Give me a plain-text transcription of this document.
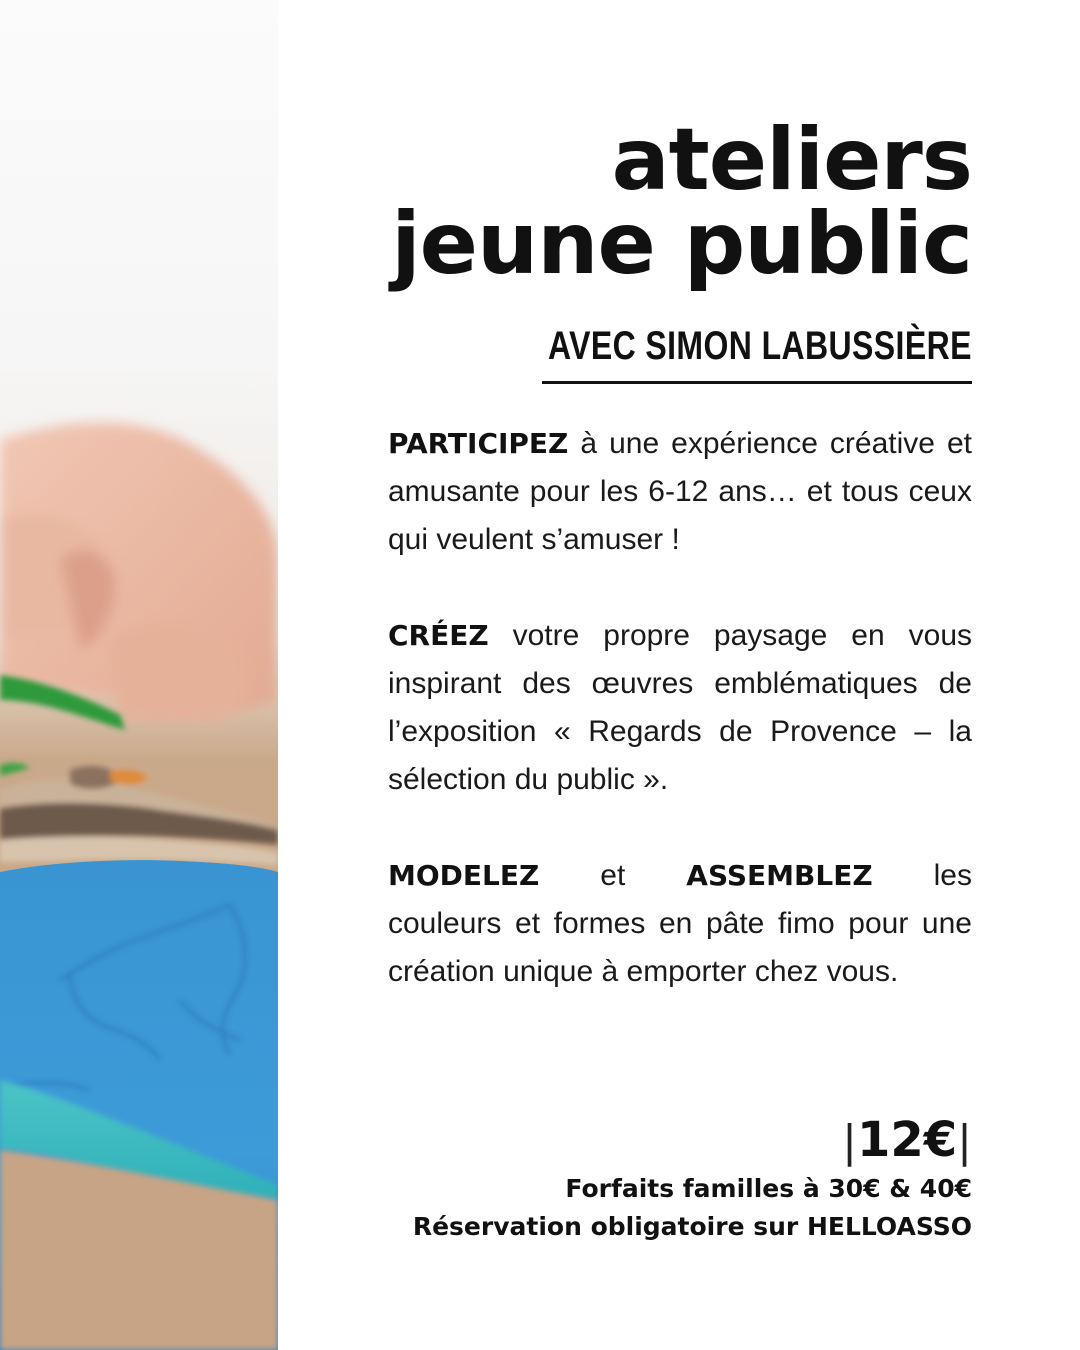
ateliers
jeune public

AVEC SIMON LABUSSIÈRE

PARTICIPEZ à une expérience créative et amusante pour les 6-12 ans… et tous ceux qui veulent s’amuser !

CRÉEZ votre propre paysage en vous inspirant des œuvres emblématiques de l’exposition « Regards de Provence – la sélection du public ».

MODELEZ et ASSEMBLEZ les
couleurs et formes en pâte fimo pour une création unique à emporter chez vous.

|12€|

Forfaits familles à 30€ & 40€

Réservation obligatoire sur HELLOASSO
